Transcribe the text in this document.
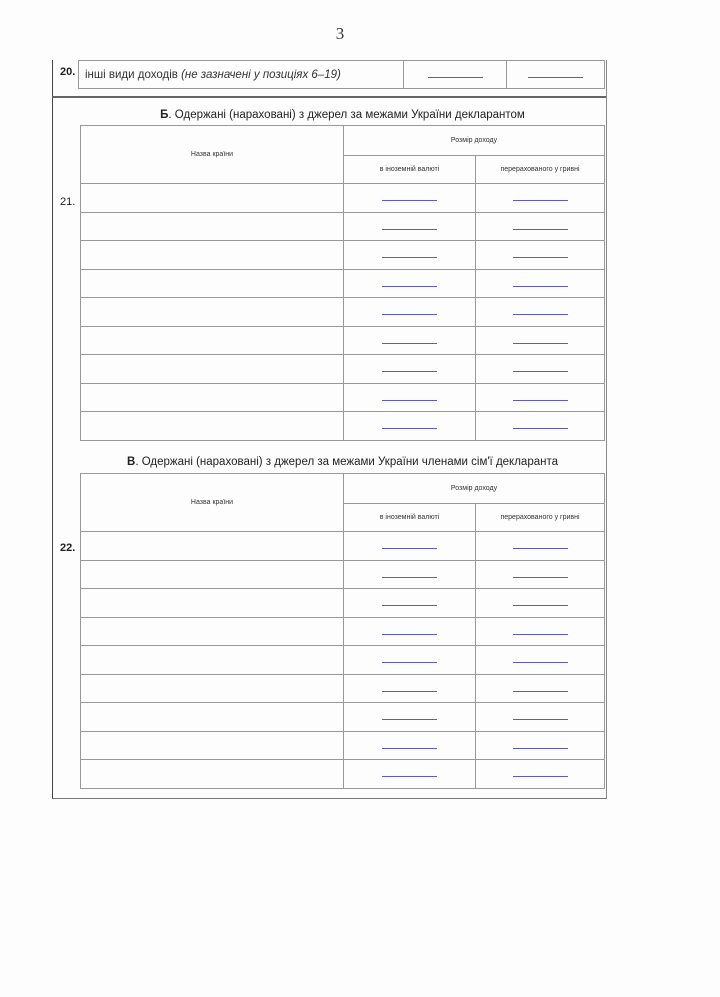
3
20. інші види доходів (не зазначені у позиціях 6–19)		
Б. Одержані (нараховані) з джерел за межами України декларантом
21.
Назва країни	Розмір доходу	
	в іноземній валюті	перерахованого у гривні

В. Одержані (нараховані) з джерел за межами України членами сім'ї декларанта
22.
Назва країни	Розмір доходу	
	в іноземній валюті	перерахованого у гривні
